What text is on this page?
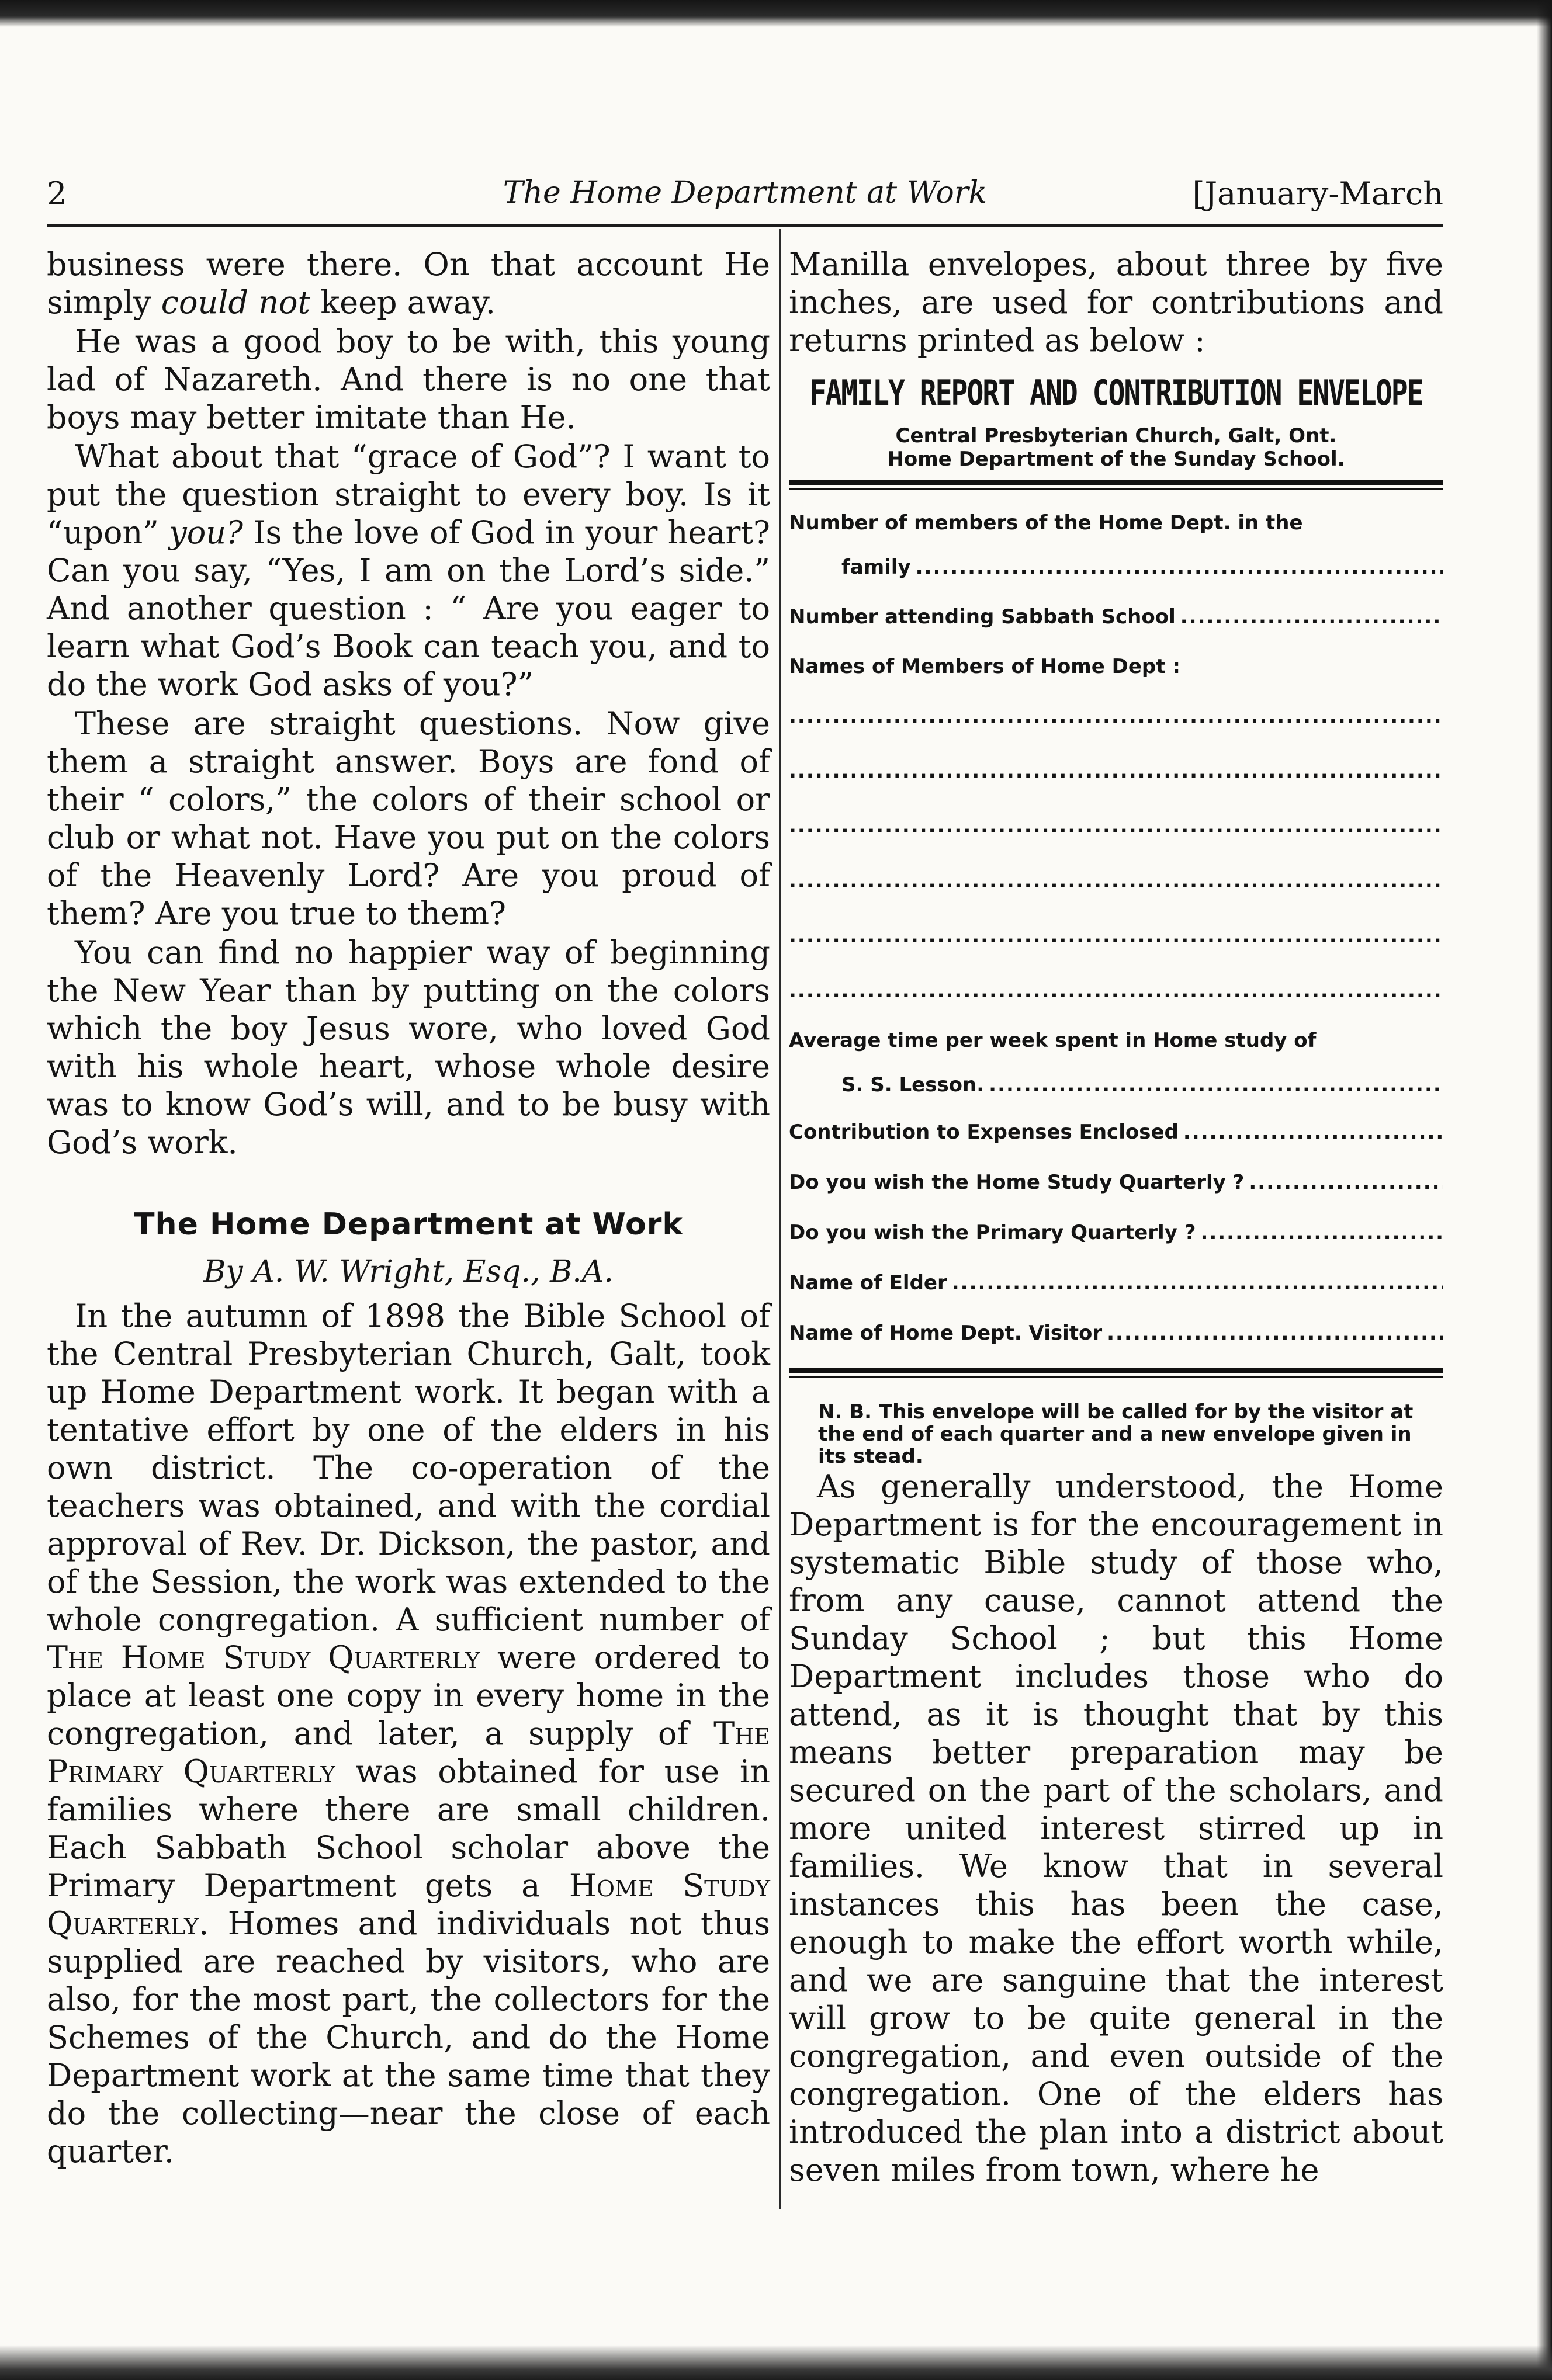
2	The Home Department at Work	[January-March

business were there. On that account He simply could not keep away.

He was a good boy to be with, this young lad of Nazareth. And there is no one that boys may better imitate than He.

What about that “grace of God”? I want to put the question straight to every boy. Is it “upon” you? Is the love of God in your heart? Can you say, “Yes, I am on the Lord’s side.” And another question : “ Are you eager to learn what God’s Book can teach you, and to do the work God asks of you?”

These are straight questions. Now give them a straight answer. Boys are fond of their “ colors,” the colors of their school or club or what not. Have you put on the colors of the Heavenly Lord? Are you proud of them? Are you true to them?

You can find no happier way of beginning the New Year than by putting on the colors which the boy Jesus wore, who loved God with his whole heart, whose whole desire was to know God’s will, and to be busy with God’s work.

The Home Department at Work
By A. W. Wright, Esq., B.A.

In the autumn of 1898 the Bible School of the Central Presbyterian Church, Galt, took up Home Department work. It began with a tentative effort by one of the elders in his own district. The co-operation of the teachers was obtained, and with the cordial approval of Rev. Dr. Dickson, the pastor, and of the Session, the work was extended to the whole congregation. A sufficient number of The Home Study Quarterly were ordered to place at least one copy in every home in the congregation, and later, a supply of The Primary Quarterly was obtained for use in families where there are small children. Each Sabbath School scholar above the Primary Department gets a Home Study Quarterly. Homes and individuals not thus supplied are reached by visitors, who are also, for the most part, the collectors for the Schemes of the Church, and do the Home Department work at the same time that they do the collecting—near the close of each quarter.

Manilla envelopes, about three by five inches, are used for contributions and returns printed as below :

FAMILY REPORT AND CONTRIBUTION ENVELOPE
Central Presbyterian Church, Galt, Ont.
Home Department of the Sunday School.
Number of members of the Home Dept. in the
family
.....
Number attending Sabbath School
.....
Names of Members of Home Dept :
.....
.....
.....
.....
.....
.....
Average time per week spent in Home study of
S. S. Lesson.
.....
Contribution to Expenses Enclosed
.....
Do you wish the Home Study Quarterly ?
.....
Do you wish the Primary Quarterly ?
.....
Name of Elder
.....
Name of Home Dept. Visitor
.....
N. B. This envelope will be called for by the visitor at the end of each quarter and a new envelope given in its stead.

As generally understood, the Home Department is for the encouragement in systematic Bible study of those who, from any cause, cannot attend the Sunday School ; but this Home Department includes those who do attend, as it is thought that by this means better preparation may be secured on the part of the scholars, and more united interest stirred up in families. We know that in several instances this has been the case, enough to make the effort worth while, and we are sanguine that the interest will grow to be quite general in the congregation, and even outside of the congregation. One of the elders has introduced the plan into a district about seven miles from town, where he
